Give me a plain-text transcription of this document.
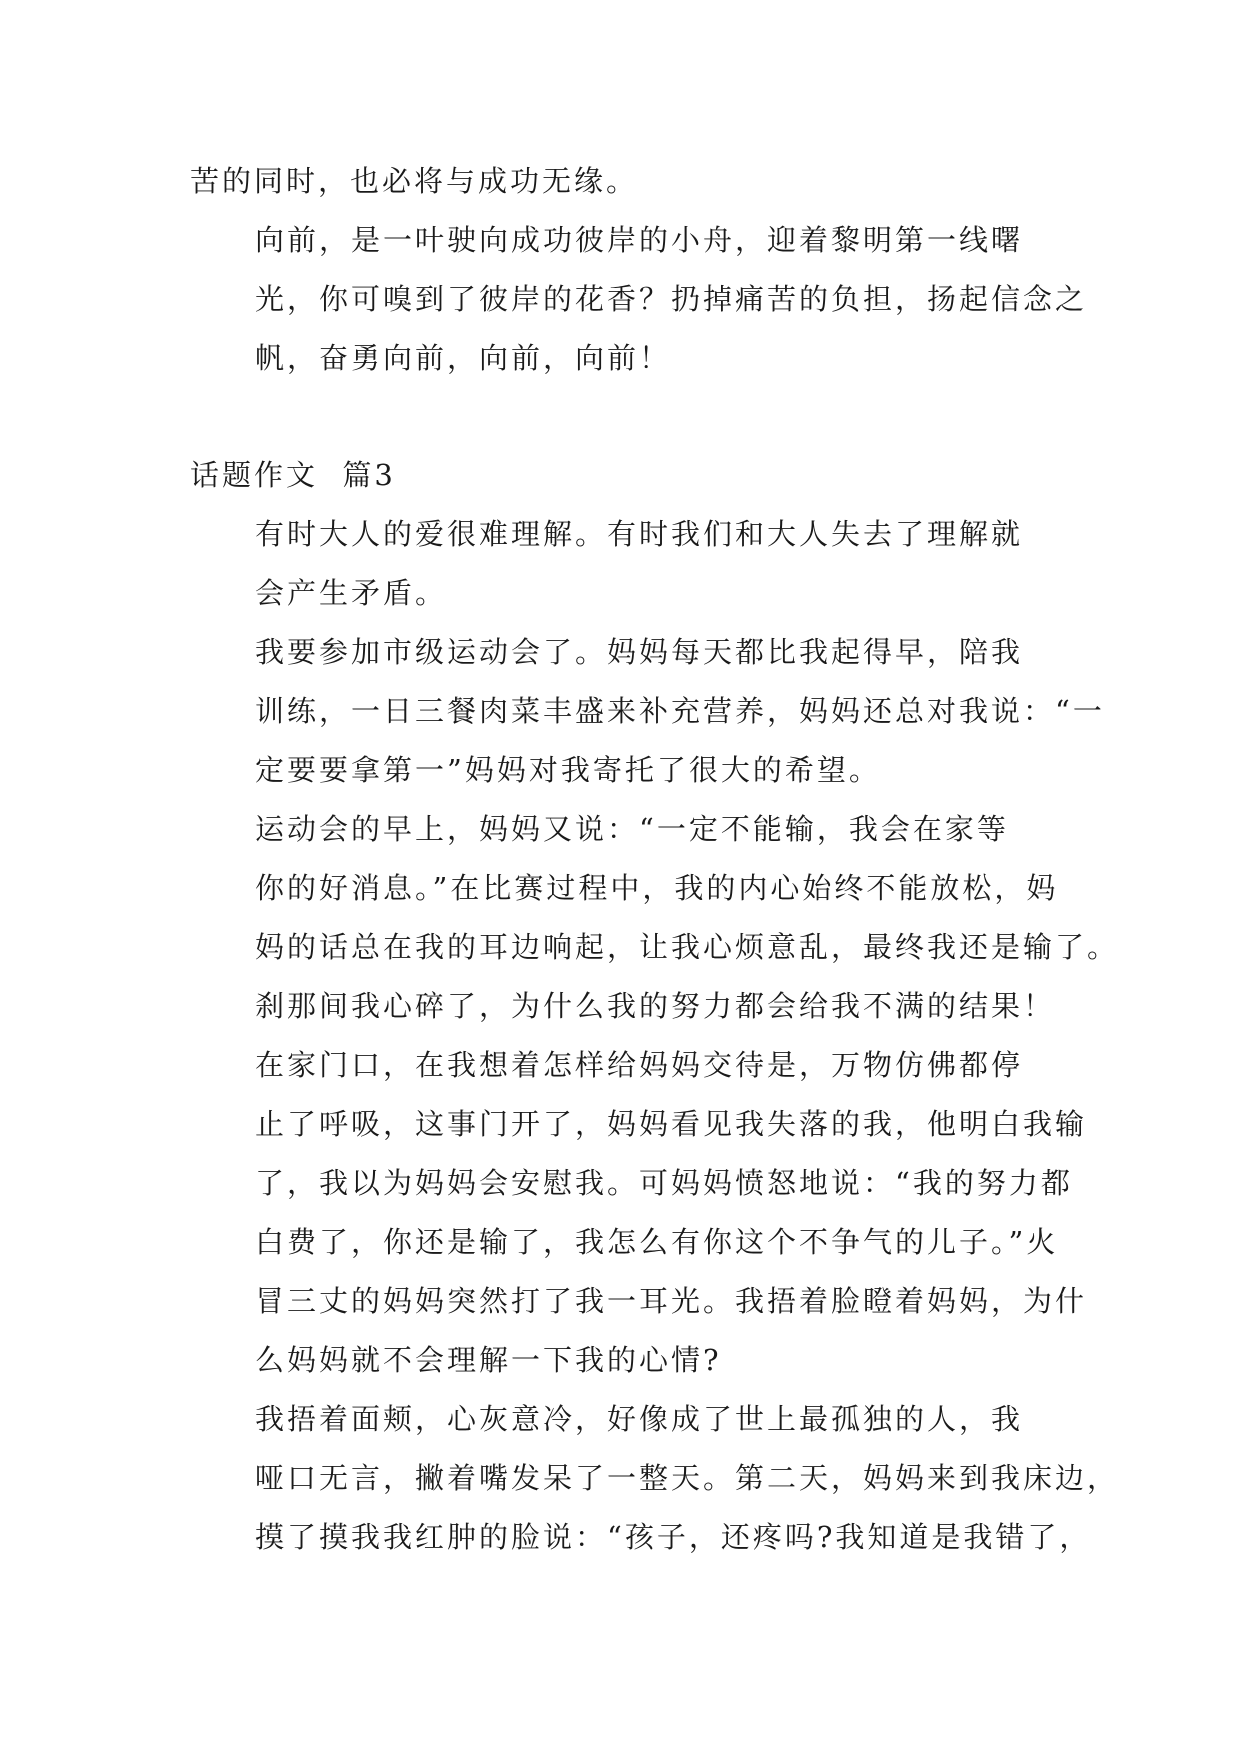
苦的同时，也必将与成功无缘。

向前，是一叶驶向成功彼岸的小舟，迎着黎明第一线曙
光，你可嗅到了彼岸的花香？扔掉痛苦的负担，扬起信念之
帆，奋勇向前，向前，向前！

话题作文  篇3

有时大人的爱很难理解。有时我们和大人失去了理解就
会产生矛盾。

我要参加市级运动会了。妈妈每天都比我起得早，陪我
训练，一日三餐肉菜丰盛来补充营养，妈妈还总对我说：“一
定要要拿第一”妈妈对我寄托了很大的希望。

运动会的早上，妈妈又说：“一定不能输，我会在家等
你的好消息。”在比赛过程中，我的内心始终不能放松，妈
妈的话总在我的耳边响起，让我心烦意乱，最终我还是输了。
刹那间我心碎了，为什么我的努力都会给我不满的结果！

在家门口，在我想着怎样给妈妈交待是，万物仿佛都停
止了呼吸，这事门开了，妈妈看见我失落的我，他明白我输
了，我以为妈妈会安慰我。可妈妈愤怒地说：“我的努力都
白费了，你还是输了，我怎么有你这个不争气的儿子。”火
冒三丈的妈妈突然打了我一耳光。我捂着脸瞪着妈妈，为什
么妈妈就不会理解一下我的心情?

我捂着面颊，心灰意冷，好像成了世上最孤独的人，我
哑口无言，撇着嘴发呆了一整天。第二天，妈妈来到我床边，
摸了摸我我红肿的脸说：“孩子，还疼吗?我知道是我错了，
